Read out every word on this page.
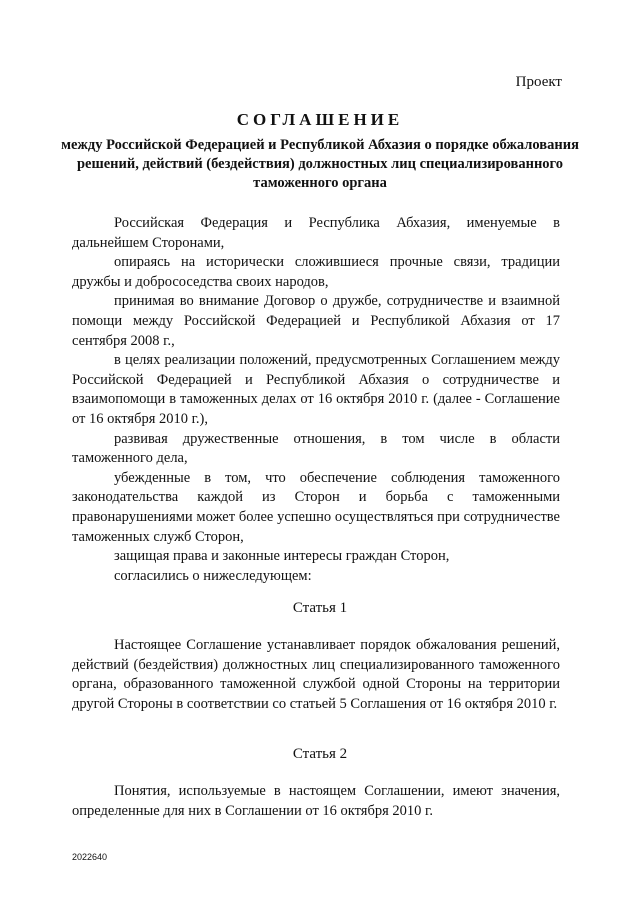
Проект
СОГЛАШЕНИЕ
между Российской Федерацией и Республикой Абхазия о порядке обжалования решений, действий (бездействия) должностных лиц специализированного таможенного органа

Российская Федерация и Республика Абхазия, именуемые в дальнейшем Сторонами,

опираясь на исторически сложившиеся прочные связи, традиции дружбы и добрососедства своих народов,

принимая во внимание Договор о дружбе, сотрудничестве и взаимной помощи между Российской Федерацией и Республикой Абхазия от 17 сентября 2008 г.,

в целях реализации положений, предусмотренных Соглашением между Российской Федерацией и Республикой Абхазия о сотрудничестве и взаимопомощи в таможенных делах от 16 октября 2010 г. (далее - Соглашение от 16 октября 2010 г.),

развивая дружественные отношения, в том числе в области таможенного дела,

убежденные в том, что обеспечение соблюдения таможенного законодательства каждой из Сторон и борьба с таможенными правонарушениями может более успешно осуществляться при сотрудничестве таможенных служб Сторон,

защищая права и законные интересы граждан Сторон,

согласились о нижеследующем:

Статья 1

Настоящее Соглашение устанавливает порядок обжалования решений, действий (бездействия) должностных лиц специализированного таможенного органа, образованного таможенной службой одной Стороны на территории другой Стороны в соответствии со статьей 5 Соглашения от 16 октября 2010 г.

Статья 2

Понятия, используемые в настоящем Соглашении, имеют значения, определенные для них в Соглашении от 16 октября 2010 г.

2022640
